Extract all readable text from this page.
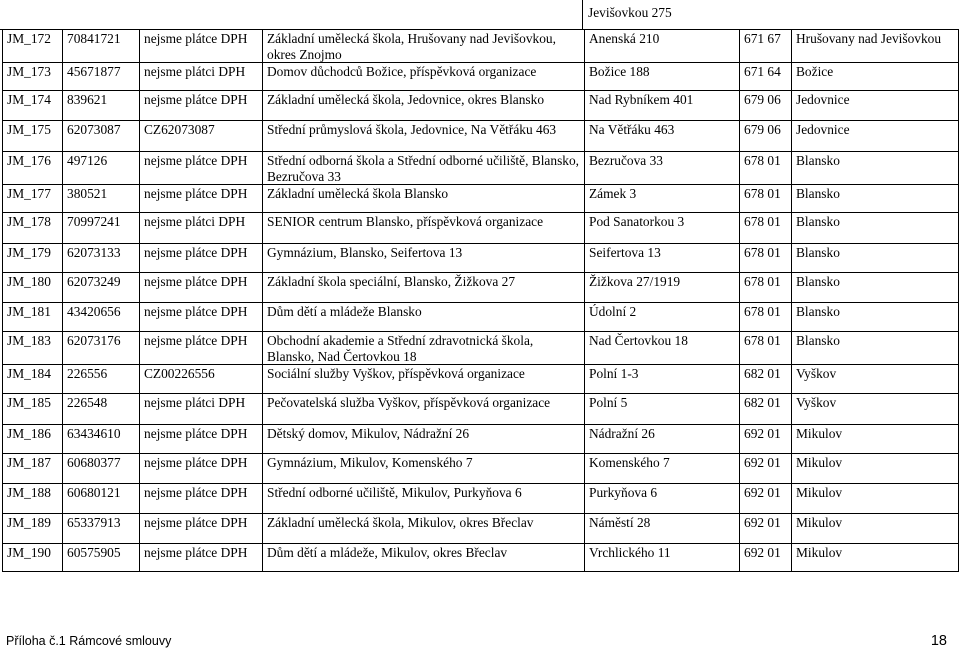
Jevišovkou 275
JM_172	70841721	nejsme plátce DPH	Základní umělecká škola, Hrušovany nad Jevišovkou, okres Znojmo	Anenská 210	671 67	Hrušovany nad Jevišovkou
JM_173	45671877	nejsme plátci DPH	Domov důchodců Božice, příspěvková organizace	Božice 188	671 64	Božice
JM_174	839621	nejsme plátce DPH	Základní umělecká škola, Jedovnice, okres Blansko	Nad Rybníkem 401	679 06	Jedovnice
JM_175	62073087	CZ62073087	Střední průmyslová škola, Jedovnice, Na Větřáku 463	Na Větřáku 463	679 06	Jedovnice
JM_176	497126	nejsme plátce DPH	Střední odborná škola a Střední odborné učiliště, Blansko, Bezručova 33	Bezručova 33	678 01	Blansko
JM_177	380521	nejsme plátce DPH	Základní umělecká škola Blansko	Zámek 3	678 01	Blansko
JM_178	70997241	nejsme plátci DPH	SENIOR centrum Blansko, příspěvková organizace	Pod Sanatorkou 3	678 01	Blansko
JM_179	62073133	nejsme plátce DPH	Gymnázium, Blansko, Seifertova 13	Seifertova 13	678 01	Blansko
JM_180	62073249	nejsme plátce DPH	Základní škola speciální, Blansko, Žižkova 27	Žižkova 27/1919	678 01	Blansko
JM_181	43420656	nejsme plátce DPH	Dům dětí a mládeže Blansko	Údolní 2	678 01	Blansko
JM_183	62073176	nejsme plátce DPH	Obchodní akademie a Střední zdravotnická škola, Blansko, Nad Čertovkou 18	Nad Čertovkou 18	678 01	Blansko
JM_184	226556	CZ00226556	Sociální služby Vyškov, příspěvková organizace	Polní 1-3	682 01	Vyškov
JM_185	226548	nejsme plátci DPH	Pečovatelská služba Vyškov, příspěvková organizace	Polní 5	682 01	Vyškov
JM_186	63434610	nejsme plátce DPH	Dětský domov, Mikulov, Nádražní 26	Nádražní 26	692 01	Mikulov
JM_187	60680377	nejsme plátce DPH	Gymnázium, Mikulov, Komenského 7	Komenského 7	692 01	Mikulov
JM_188	60680121	nejsme plátce DPH	Střední odborné učiliště, Mikulov, Purkyňova 6	Purkyňova 6	692 01	Mikulov
JM_189	65337913	nejsme plátce DPH	Základní umělecká škola, Mikulov, okres Břeclav	Náměstí 28	692 01	Mikulov
JM_190	60575905	nejsme plátce DPH	Dům dětí a mládeže, Mikulov, okres Břeclav	Vrchlického 11	692 01	Mikulov
Příloha č.1 Rámcové smlouvy	18
